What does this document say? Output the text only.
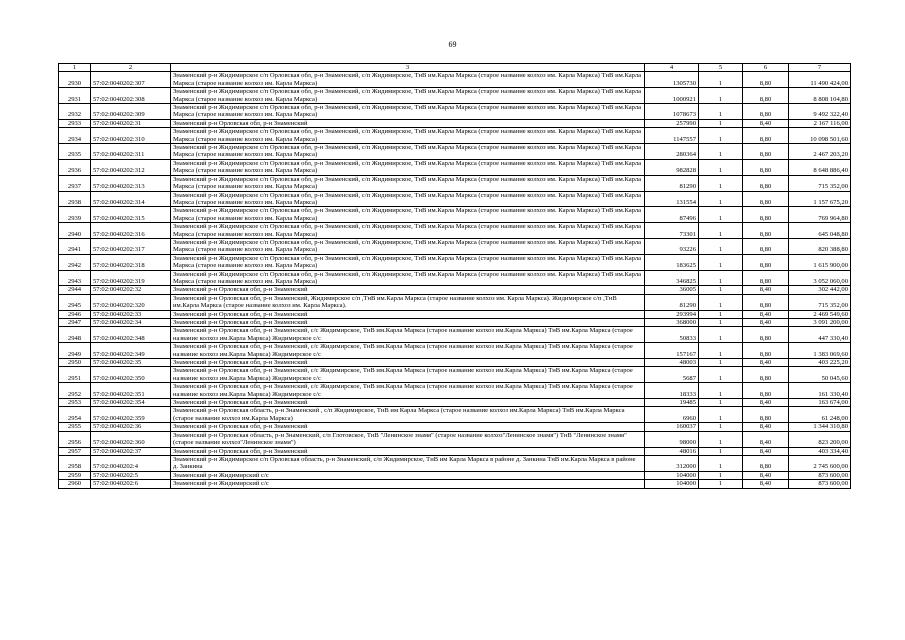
69
1	2	3	4	5	6	7
2930	57:02:0040202:307	Знаменский р-н Жидимирское с/п Орловская обл, р-н Знаменский, с/п Жидимирское, ТнВ им.Карла Маркса (старое название колхоз им. Карла Маркса) ТнВ им.Карла Маркса (старое название колхоз им. Карла Маркса)	1305730	1	8,80	11 490 424,00
2931	57:02:0040202:308	Знаменский р-н Жидимирское с/п Орловская обл, р-н Знаменский, с/п Жидимирское, ТнВ им.Карла Маркса (старое название колхоз им. Карла Маркса) ТнВ им.Карла Маркса (старое название колхоз им. Карла Маркса)	1000921	1	8,80	8 808 104,80
2932	57:02:0040202:309	Знаменский р-н Жидимирское с/п Орловская обл, р-н Знаменский, с/п Жидимирское, ТнВ им.Карла Маркса (старое название колхоз им. Карла Маркса) ТнВ им.Карла Маркса (старое название колхоз им. Карла Маркса)	1078673	1	8,80	9 492 322,40
2933	57:02:0040202:31	Знаменский р-н Орловская обл, р-н Знаменский	257990	1	8,40	2 167 116,00
2934	57:02:0040202:310	Знаменский р-н Жидимирское с/п Орловская обл, р-н Знаменский, с/п Жидимирское, ТнВ им.Карла Маркса (старое название колхоз им. Карла Маркса) ТнВ им.Карла Маркса (старое название колхоз им. Карла Маркса)	1147557	1	8,80	10 098 501,60
2935	57:02:0040202:311	Знаменский р-н Жидимирское с/п Орловская обл, р-н Знаменский, с/п Жидимирское, ТнВ им.Карла Маркса (старое название колхоз им. Карла Маркса) ТнВ им.Карла Маркса (старое название колхоз им. Карла Маркса)	280364	1	8,80	2 467 203,20
2936	57:02:0040202:312	Знаменский р-н Жидимирское с/п Орловская обл, р-н Знаменский, с/п Жидимирское, ТнВ им.Карла Маркса (старое название колхоз им. Карла Маркса) ТнВ им.Карла Маркса (старое название колхоз им. Карла Маркса)	982828	1	8,80	8 648 886,40
2937	57:02:0040202:313	Знаменский р-н Жидимирское с/п Орловская обл, р-н Знаменский, с/п Жидимирское, ТнВ им.Карла Маркса (старое название колхоз им. Карла Маркса) ТнВ им.Карла Маркса (старое название колхоз им. Карла Маркса)	81290	1	8,80	715 352,00
2938	57:02:0040202:314	Знаменский р-н Жидимирское с/п Орловская обл, р-н Знаменский, с/п Жидимирское, ТнВ им.Карла Маркса (старое название колхоз им. Карла Маркса) ТнВ им.Карла Маркса (старое название колхоз им. Карла Маркса)	131554	1	8,80	1 157 675,20
2939	57:02:0040202:315	Знаменский р-н Жидимирское с/п Орловская обл, р-н Знаменский, с/п Жидимирское, ТнВ им.Карла Маркса (старое название колхоз им. Карла Маркса) ТнВ им.Карла Маркса (старое название колхоз им. Карла Маркса)	87496	1	8,80	769 964,80
2940	57:02:0040202:316	Знаменский р-н Жидимирское с/п Орловская обл, р-н Знаменский, с/п Жидимирское, ТнВ им.Карла Маркса (старое название колхоз им. Карла Маркса) ТнВ им.Карла Маркса (старое название колхоз им. Карла Маркса)	73301	1	8,80	645 048,80
2941	57:02:0040202:317	Знаменский р-н Жидимирское с/п Орловская обл, р-н Знаменский, с/п Жидимирское, ТнВ им.Карла Маркса (старое название колхоз им. Карла Маркса) ТнВ им.Карла Маркса (старое название колхоз им. Карла Маркса)	93226	1	8,80	820 388,80
2942	57:02:0040202:318	Знаменский р-н Жидимирское с/п Орловская обл, р-н Знаменский, с/п Жидимирское, ТнВ им.Карла Маркса (старое название колхоз им. Карла Маркса) ТнВ им.Карла Маркса (старое название колхоз им. Карла Маркса)	183625	1	8,80	1 615 900,00
2943	57:02:0040202:319	Знаменский р-н Жидимирское с/п Орловская обл, р-н Знаменский, с/п Жидимирское, ТнВ им.Карла Маркса (старое название колхоз им. Карла Маркса) ТнВ им.Карла Маркса (старое название колхоз им. Карла Маркса)	346825	1	8,80	3 052 060,00
2944	57:02:0040202:32	Знаменский р-н Орловская обл, р-н Знаменский	36005	1	8,40	302 442,00
2945	57:02:0040202:320	Знаменский р-н Орловская обл, р-н Знаменский, Жидимирское с/п ,ТнВ им.Карла Маркса (старое название колхоз им. Карла Маркса). Жидимирское с/п ,ТнВ им.Карла Маркса (старое название колхоз им. Карла Маркса).	81290	1	8,80	715 352,00
2946	57:02:0040202:33	Знаменский р-н Орловская обл, р-н Знаменский	293994	1	8,40	2 469 549,60
2947	57:02:0040202:34	Знаменский р-н Орловская обл, р-н Знаменский	368000	1	8,40	3 091 200,00
2948	57:02:0040202:348	Знаменский р-н Орловская обл, р-н Знаменский, с/с Жидимирское, ТнВ им.Карла Маркса (старое название колхоз им.Карла Маркса) ТнВ им.Карла Маркса (старое название колхоз им.Карла Маркса) Жидимирское с/с	50833	1	8,80	447 330,40
2949	57:02:0040202:349	Знаменский р-н Орловская обл, р-н Знаменский, с/с Жидимирское, ТнВ им.Карла Маркса (старое название колхоз им.Карла Маркса) ТнВ им.Карла Маркса (старое название колхоз им.Карла Маркса) Жидимирское с/с	157167	1	8,80	1 383 069,60
2950	57:02:0040202:35	Знаменский р-н Орловская обл, р-н Знаменский	48003	1	8,40	403 225,20
2951	57:02:0040202:350	Знаменский р-н Орловская обл, р-н Знаменский, с/с Жидимирское, ТнВ им.Карла Маркса (старое название колхоз им.Карла Маркса) ТнВ им.Карла Маркса (старое название колхоз им.Карла Маркса) Жидимирское с/с	5687	1	8,80	50 045,60
2952	57:02:0040202:351	Знаменский р-н Орловская обл, р-н Знаменский, с/с Жидимирское, ТнВ им.Карла Маркса (старое название колхоз им.Карла Маркса) ТнВ им.Карла Маркса (старое название колхоз им.Карла Маркса) Жидимирское с/с	18333	1	8,80	161 330,40
2953	57:02:0040202:354	Знаменский р-н Орловская обл, р-н Знаменский	19485	1	8,40	163 674,00
2954	57:02:0040202:359	Знаменский р-н Орловская область, р-н Знаменский , с/п Жидимирское, ТнВ им Карла Маркса (старое название колхоз им.Карла Маркса) ТнВ им.Карла Маркса (старое название колхоз им.Карла Маркса)	6960	1	8,80	61 248,00
2955	57:02:0040202:36	Знаменский р-н Орловская обл, р-н Знаменский	160037	1	8,40	1 344 310,80
2956	57:02:0040202:360	Знаменский р-н Орловская область, р-н Знаменский, с/п Глотовское, ТнВ "Ленинское знамя" (старое название колхоз"Ленинское знамя") ТнВ "Ленинское знамя" (старое название колхоз"Ленинское знамя")	98000	1	8,40	823 200,00
2957	57:02:0040202:37	Знаменский р-н Орловская обл, р-н Знаменский	48016	1	8,40	403 334,40
2958	57:02:0040202:4	Знаменский р-н Жидимирское с/п Орловская область, р-н Знаменский, с/п Жидимирское, ТнВ им Карла Маркса в районе д. Занкина ТнВ им.Карла Маркса в районе д. Занкина	312000	1	8,80	2 745 600,00
2959	57:02:0040202:5	Знаменский р-н Жидимирский с/с	104000	1	8,40	873 600,00
2960	57:02:0040202:6	Знаменский р-н Жидимирский с/с	104000	1	8,40	873 600,00
